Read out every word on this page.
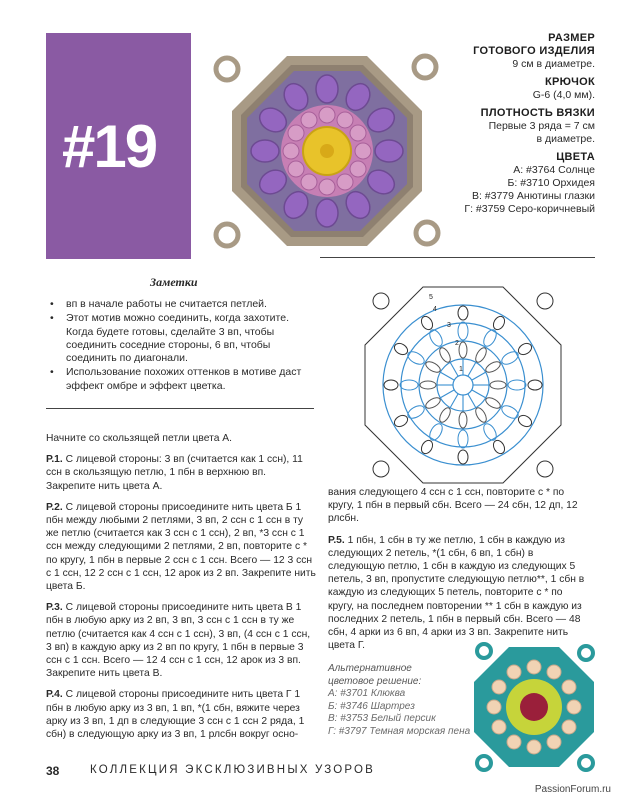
#19
РАЗМЕР
ГОТОВОГО ИЗДЕЛИЯ
9 см в диаметре.
КРЮЧОК
G-6 (4,0 мм).
ПЛОТНОСТЬ ВЯЗКИ
Первые 3 ряда = 7 см
в диаметре.
ЦВЕТА
А: #3764 Солнце
Б: #3710 Орхидея
В: #3779 Анютины глазки
Г: #3759 Серо-коричневый
Заметки
• вп в начале работы не считается петлей.
• Этот мотив можно соединить, когда захотите. Когда будете готовы, сделайте 3 вп, чтобы соединить соседние стороны, 6 вп, чтобы соединить по диагонали.
• Использование похожих оттенков в мотиве даст эффект омбре и эффект цветка.
5
4
3
2
1

Начните со скользящей петли цвета А.

Р.1. С лицевой стороны: 3 вп (считается как 1 ссн), 11 ссн в скользящую петлю, 1 пбн в верхнюю вп. Закрепите нить цвета А.

Р.2. С лицевой стороны присоедините нить цвета Б 1 пбн между любыми 2 петлями, 3 вп, 2 ссн с 1 ссн в ту же петлю (считается как 3 ссн с 1 ссн), 2 вп, *3 ссн с 1 ссн между следующими 2 петлями, 2 вп, повторите с * по кругу, 1 пбн в первые 2 ссн с 1 ссн. Всего — 12 3 ссн с 1 ссн, 12 2 ссн с 1 ссн, 12 арок из 2 вп. Закрепите нить цвета Б.

Р.3. С лицевой стороны присоедините нить цвета В 1 пбн в любую арку из 2 вп, 3 вп, 3 ссн с 1 ссн в ту же петлю (считается как 4 ссн с 1 ссн), 3 вп, (4 ссн с 1 ссн, 3 вп) в каждую арку из 2 вп по кругу, 1 пбн в первые 3 ссн с 1 ссн. Всего — 12 4 ссн с 1 ссн, 12 арок из 3 вп. Закрепите нить цвета В.

Р.4. С лицевой стороны присоедините нить цвета Г 1 пбн в любую арку из 3 вп, 1 вп, *(1 сбн, вяжите через арку из 3 вп, 1 дп в следующие 3 ссн с 1 ссн 2 ряда, 1 сбн) в следующую арку из 3 вп, 1 рлсбн вокруг осно-

вания следующего 4 ссн с 1 ссн, повторите с * по кругу, 1 пбн в первый сбн. Всего — 24 сбн, 12 дп, 12 рлсбн.

Р.5. 1 пбн, 1 сбн в ту же петлю, 1 сбн в каждую из следующих 2 петель, *(1 сбн, 6 вп, 1 сбн) в следующую петлю, 1 сбн в каждую из следующих 5 петель, 3 вп, пропустите следующую петлю**, 1 сбн в каждую из следующих 5 петель, повторите с * по кругу, на последнем повторении ** 1 сбн в каждую из последних 2 петель, 1 пбн в первый сбн. Всего — 48 сбн, 4 арки из 6 вп, 4 арки из 3 вп. Закрепите нить цвета Г.

Альтернативное
цветовое решение:
А: #3701 Клюква
Б: #3746 Шартрез
В: #3753 Белый персик
Г: #3797 Темная морская пена
38	КОЛЛЕКЦИЯ ЭКСКЛЮЗИВНЫХ УЗОРОВ
PassionForum.ru
